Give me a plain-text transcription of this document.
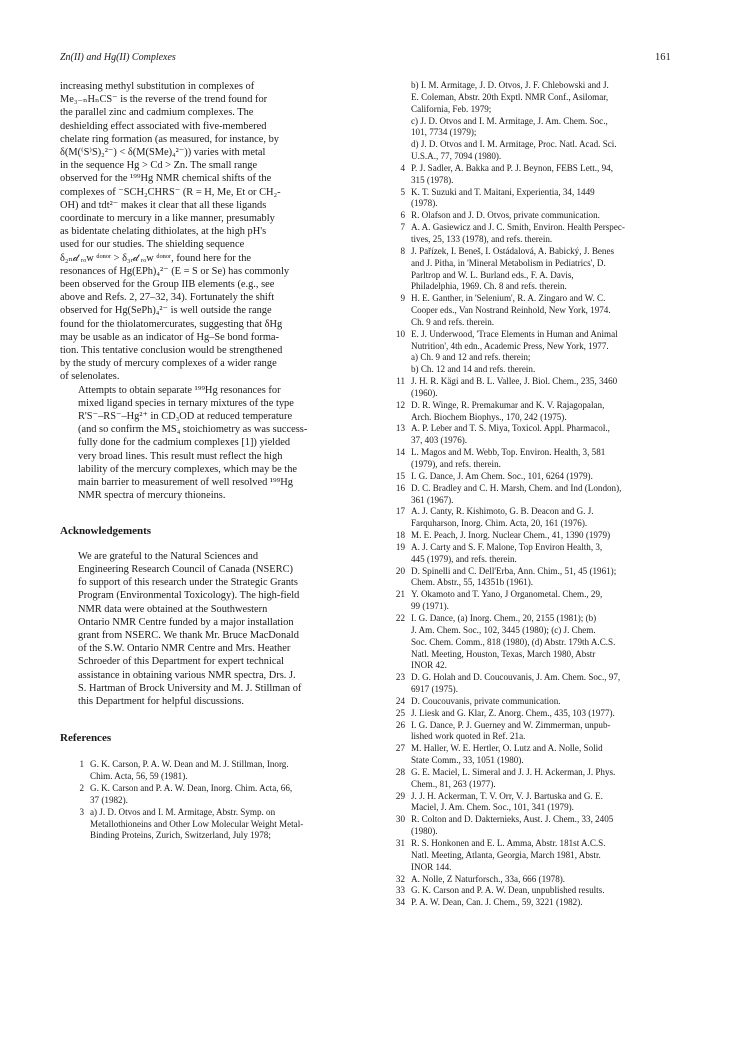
Zn(II) and Hg(II) Complexes	161

increasing methyl substitution in complexes of
Me₃₋ₙHₙCS⁻ is the reverse of the trend found for
the parallel zinc and cadmium complexes. The
deshielding effect associated with five-membered
chelate ring formation (as measured, for instance, by
δ(M(⁽S⁾S)₂²⁻) < δ(M(SMe)₄²⁻)) varies with metal
in the sequence Hg > Cd > Zn. The small range
observed for the ¹⁹⁹Hg NMR chemical shifts of the
complexes of ⁻SCH₂CHRS⁻ (R = H, Me, Et or CH₂-
OH) and tdt²⁻ makes it clear that all these ligands
coordinate to mercury in a like manner, presumably
as bidentate chelating dithiolates, at the high pH's
used for our studies. The shielding sequence
δ₂ₙ𝒹 ᵣₒw ᵈᵒⁿᵒʳ > δ₃ᵣ𝒹 ᵣₒw ᵈᵒⁿᵒʳ, found here for the
resonances of Hg(EPh)₄²⁻ (E = S or Se) has commonly
been observed for the Group IIB elements (e.g., see
above and Refs. 2, 27–32, 34). Fortunately the shift
observed for Hg(SePh)₄²⁻ is well outside the range
found for the thiolatomercurates, suggesting that δHg
may be usable as an indicator of Hg–Se bond forma-
tion. This tentative conclusion would be strengthened
by the study of mercury complexes of a wider range
of selenolates.

Attempts to obtain separate ¹⁹⁹Hg resonances for
mixed ligand species in ternary mixtures of the type
R'S⁻–RS⁻–Hg²⁺ in CD₃OD at reduced temperature
(and so confirm the MS₄ stoichiometry as was success-
fully done for the cadmium complexes [1]) yielded
very broad lines. This result must reflect the high
lability of the mercury complexes, which may be the
main barrier to measurement of well resolved ¹⁹⁹Hg
NMR spectra of mercury thioneins.

Acknowledgements

We are grateful to the Natural Sciences and
Engineering Research Council of Canada (NSERC)
fo support of this research under the Strategic Grants
Program (Environmental Toxicology). The high-field
NMR data were obtained at the Southwestern
Ontario NMR Centre funded by a major installation
grant from NSERC. We thank Mr. Bruce MacDonald
of the S.W. Ontario NMR Centre and Mrs. Heather
Schroeder of this Department for expert technical
assistance in obtaining various NMR spectra, Drs. J.
S. Hartman of Brock University and M. J. Stillman of
this Department for helpful discussions.

References
1 G. K. Carson, P. A. W. Dean and M. J. Stillman, Inorg.
Chim. Acta, 56, 59 (1981).
2 G. K. Carson and P. A. W. Dean, Inorg. Chim. Acta, 66,
37 (1982).
3 a) J. D. Otvos and I. M. Armitage, Abstr. Symp. on
Metallothioneins and Other Low Molecular Weight Metal-
Binding Proteins, Zurich, Switzerland, July 1978;
b) I. M. Armitage, J. D. Otvos, J. F. Chlebowski and J.
E. Coleman, Abstr. 20th Exptl. NMR Conf., Asilomar,
California, Feb. 1979;
c) J. D. Otvos and I. M. Armitage, J. Am. Chem. Soc.,
101, 7734 (1979);
d) J. D. Otvos and I. M. Armitage, Proc. Natl. Acad. Sci.
U.S.A., 77, 7094 (1980).
4 P. J. Sadler, A. Bakka and P. J. Beynon, FEBS Lett., 94,
315 (1978).
5 K. T. Suzuki and T. Maitani, Experientia, 34, 1449
(1978).
6 R. Olafson and J. D. Otvos, private communication.
7 A. A. Gasiewicz and J. C. Smith, Environ. Health Perspec-
tives, 25, 133 (1978), and refs. therein.
8 J. Pařízek, I. Beneš, I. Ostádalová, A. Babický, J. Benes
and J. Pitha, in 'Mineral Metabolism in Pediatrics', D.
Parltrop and W. L. Burland eds., F. A. Davis,
Philadelphia, 1969. Ch. 8 and refs. therein.
9 H. E. Ganther, in 'Selenium', R. A. Zingaro and W. C.
Cooper eds., Van Nostrand Reinhold, New York, 1974.
Ch. 9 and refs. therein.
10 E. J. Underwood, 'Trace Elements in Human and Animal
Nutrition', 4th edn., Academic Press, New York, 1977.
a) Ch. 9 and 12 and refs. therein;
b) Ch. 12 and 14 and refs. therein.
11 J. H. R. Kägi and B. L. Vallee, J. Biol. Chem., 235, 3460
(1960).
12 D. R. Winge, R. Premakumar and K. V. Rajagopalan,
Arch. Biochem Biophys., 170, 242 (1975).
13 A. P. Leber and T. S. Miya, Toxicol. Appl. Pharmacol.,
37, 403 (1976).
14 L. Magos and M. Webb, Top. Environ. Health, 3, 581
(1979), and refs. therein.
15 I. G. Dance, J. Am Chem. Soc., 101, 6264 (1979).
16 D. C. Bradley and C. H. Marsh, Chem. and Ind (London),
361 (1967).
17 A. J. Canty, R. Kishimoto, G. B. Deacon and G. J.
Farquharson, Inorg. Chim. Acta, 20, 161 (1976).
18 M. E. Peach, J. Inorg. Nuclear Chem., 41, 1390 (1979)
19 A. J. Carty and S. F. Malone, Top Environ Health, 3,
445 (1979), and refs. therein.
20 D. Spinelli and C. Dell'Erba, Ann. Chim., 51, 45 (1961);
Chem. Abstr., 55, 14351b (1961).
21 Y. Okamoto and T. Yano, J Organometal. Chem., 29,
99 (1971).
22 I. G. Dance, (a) Inorg. Chem., 20, 2155 (1981); (b)
J. Am. Chem. Soc., 102, 3445 (1980); (c) J. Chem.
Soc. Chem. Comm., 818 (1980), (d) Abstr. 179th A.C.S.
Natl. Meeting, Houston, Texas, March 1980, Abstr
INOR 42.
23 D. G. Holah and D. Coucouvanis, J. Am. Chem. Soc., 97,
6917 (1975).
24 D. Coucouvanis, private communication.
25 J. Liesk and G. Klar, Z. Anorg. Chem., 435, 103 (1977).
26 I. G. Dance, P. J. Guerney and W. Zimmerman, unpub-
lished work quoted in Ref. 21a.
27 M. Haller, W. E. Hertler, O. Lutz and A. Nolle, Solid
State Comm., 33, 1051 (1980).
28 G. E. Maciel, L. Simeral and J. J. H. Ackerman, J. Phys.
Chem., 81, 263 (1977).
29 J. J. H. Ackerman, T. V. Orr, V. J. Bartuska and G. E.
Maciel, J. Am. Chem. Soc., 101, 341 (1979).
30 R. Colton and D. Dakternieks, Aust. J. Chem., 33, 2405
(1980).
31 R. S. Honkonen and E. L. Amma, Abstr. 181st A.C.S.
Natl. Meeting, Atlanta, Georgia, March 1981, Abstr.
INOR 144.
32 A. Nolle, Z Naturforsch., 33a, 666 (1978).
33 G. K. Carson and P. A. W. Dean, unpublished results.
34 P. A. W. Dean, Can. J. Chem., 59, 3221 (1982).
